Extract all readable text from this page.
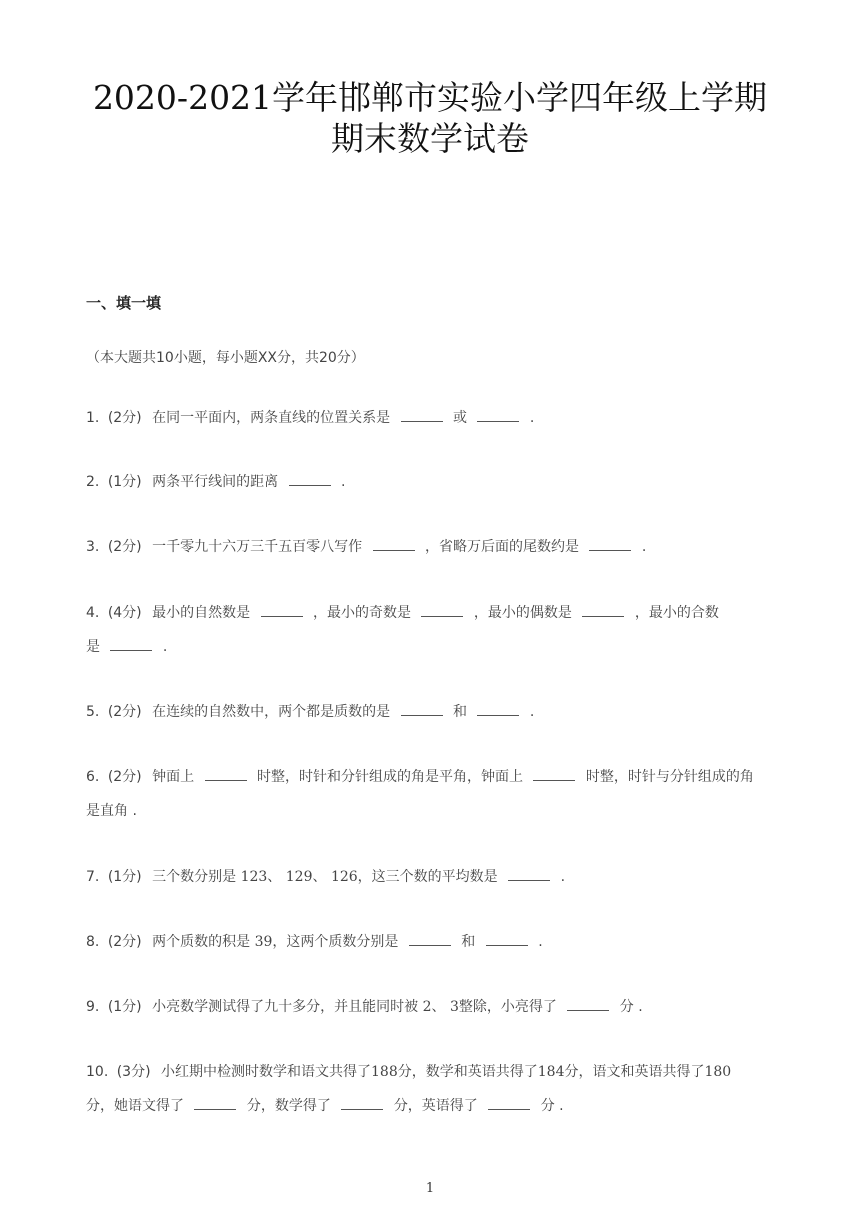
2020-2021学年邯郸市实验小学四年级上学期
期末数学试卷
一、填一填
（本大题共10小题，每小题XX分，共20分）
1. (2分) 在同一平面内，两条直线的位置关系是	或	.
2. (1分) 两条平行线间的距离	.
3. (2分) 一千零九十六万三千五百零八写作	，省略万后面的尾数约是	.
4. (4分) 最小的自然数是	，最小的奇数是	，最小的偶数是	，最小的合数
是	.
5. (2分) 在连续的自然数中，两个都是质数的是	和	.
6. (2分) 钟面上	时整，时针和分针组成的角是平角，钟面上	时整，时针与分针组成的角
是直角 .
7. (1分) 三个数分别是 123、 129、 126，这三个数的平均数是	.
8. (2分) 两个质数的积是 39，这两个质数分别是	和	.
9. (1分) 小亮数学测试得了九十多分，并且能同时被 2、 3整除，小亮得了	分 .
10. (3分) 小红期中检测时数学和语文共得了188分，数学和英语共得了184分，语文和英语共得了180
分，她语文得了	分，数学得了	分，英语得了	分 .
1
